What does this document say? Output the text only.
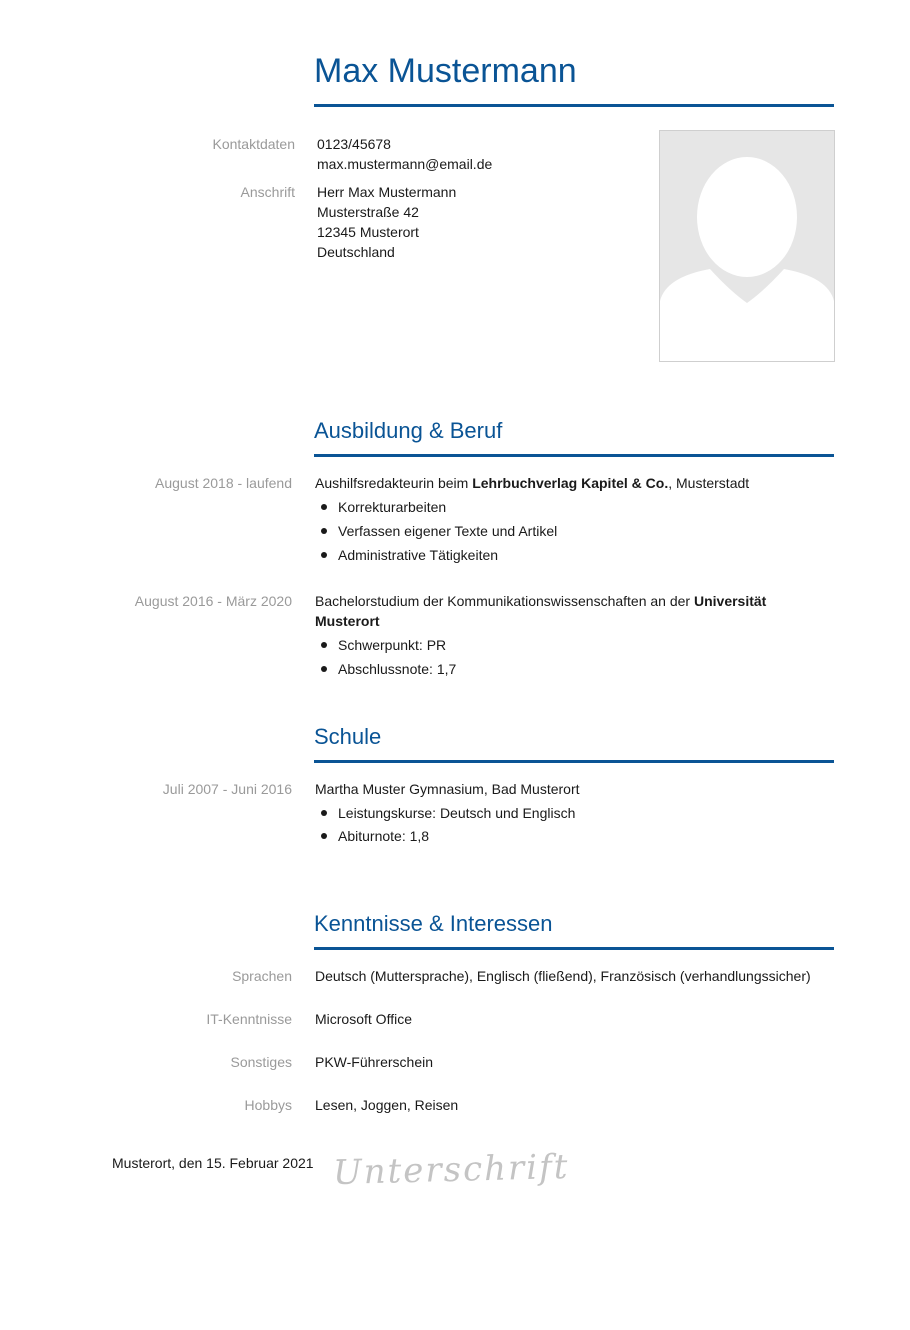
Max Mustermann
Kontaktdaten 0123/45678
max.mustermann@email.de
Anschrift Herr Max Mustermann
Musterstraße 42
12345 Musterort
Deutschland
Ausbildung & Beruf
August 2018 - laufend Aushilfsredakteurin beim Lehrbuchverlag Kapitel & Co., Musterstadt
Korrekturarbeiten
Verfassen eigener Texte und Artikel
Administrative Tätigkeiten
August 2016 - März 2020 Bachelorstudium der Kommunikationswissenschaften an der Universität
Musterort
Schwerpunkt: PR
Abschlussnote: 1,7
Schule
Juli 2007 - Juni 2016 Martha Muster Gymnasium, Bad Musterort
Leistungskurse: Deutsch und Englisch
Abiturnote: 1,8
Kenntnisse & Interessen
Sprachen Deutsch (Muttersprache), Englisch (fließend), Französisch (verhandlungssicher)
IT-Kenntnisse Microsoft Office
Sonstiges PKW-Führerschein
Hobbys Lesen, Joggen, Reisen
Musterort, den 15. Februar 2021 Unterschrift
